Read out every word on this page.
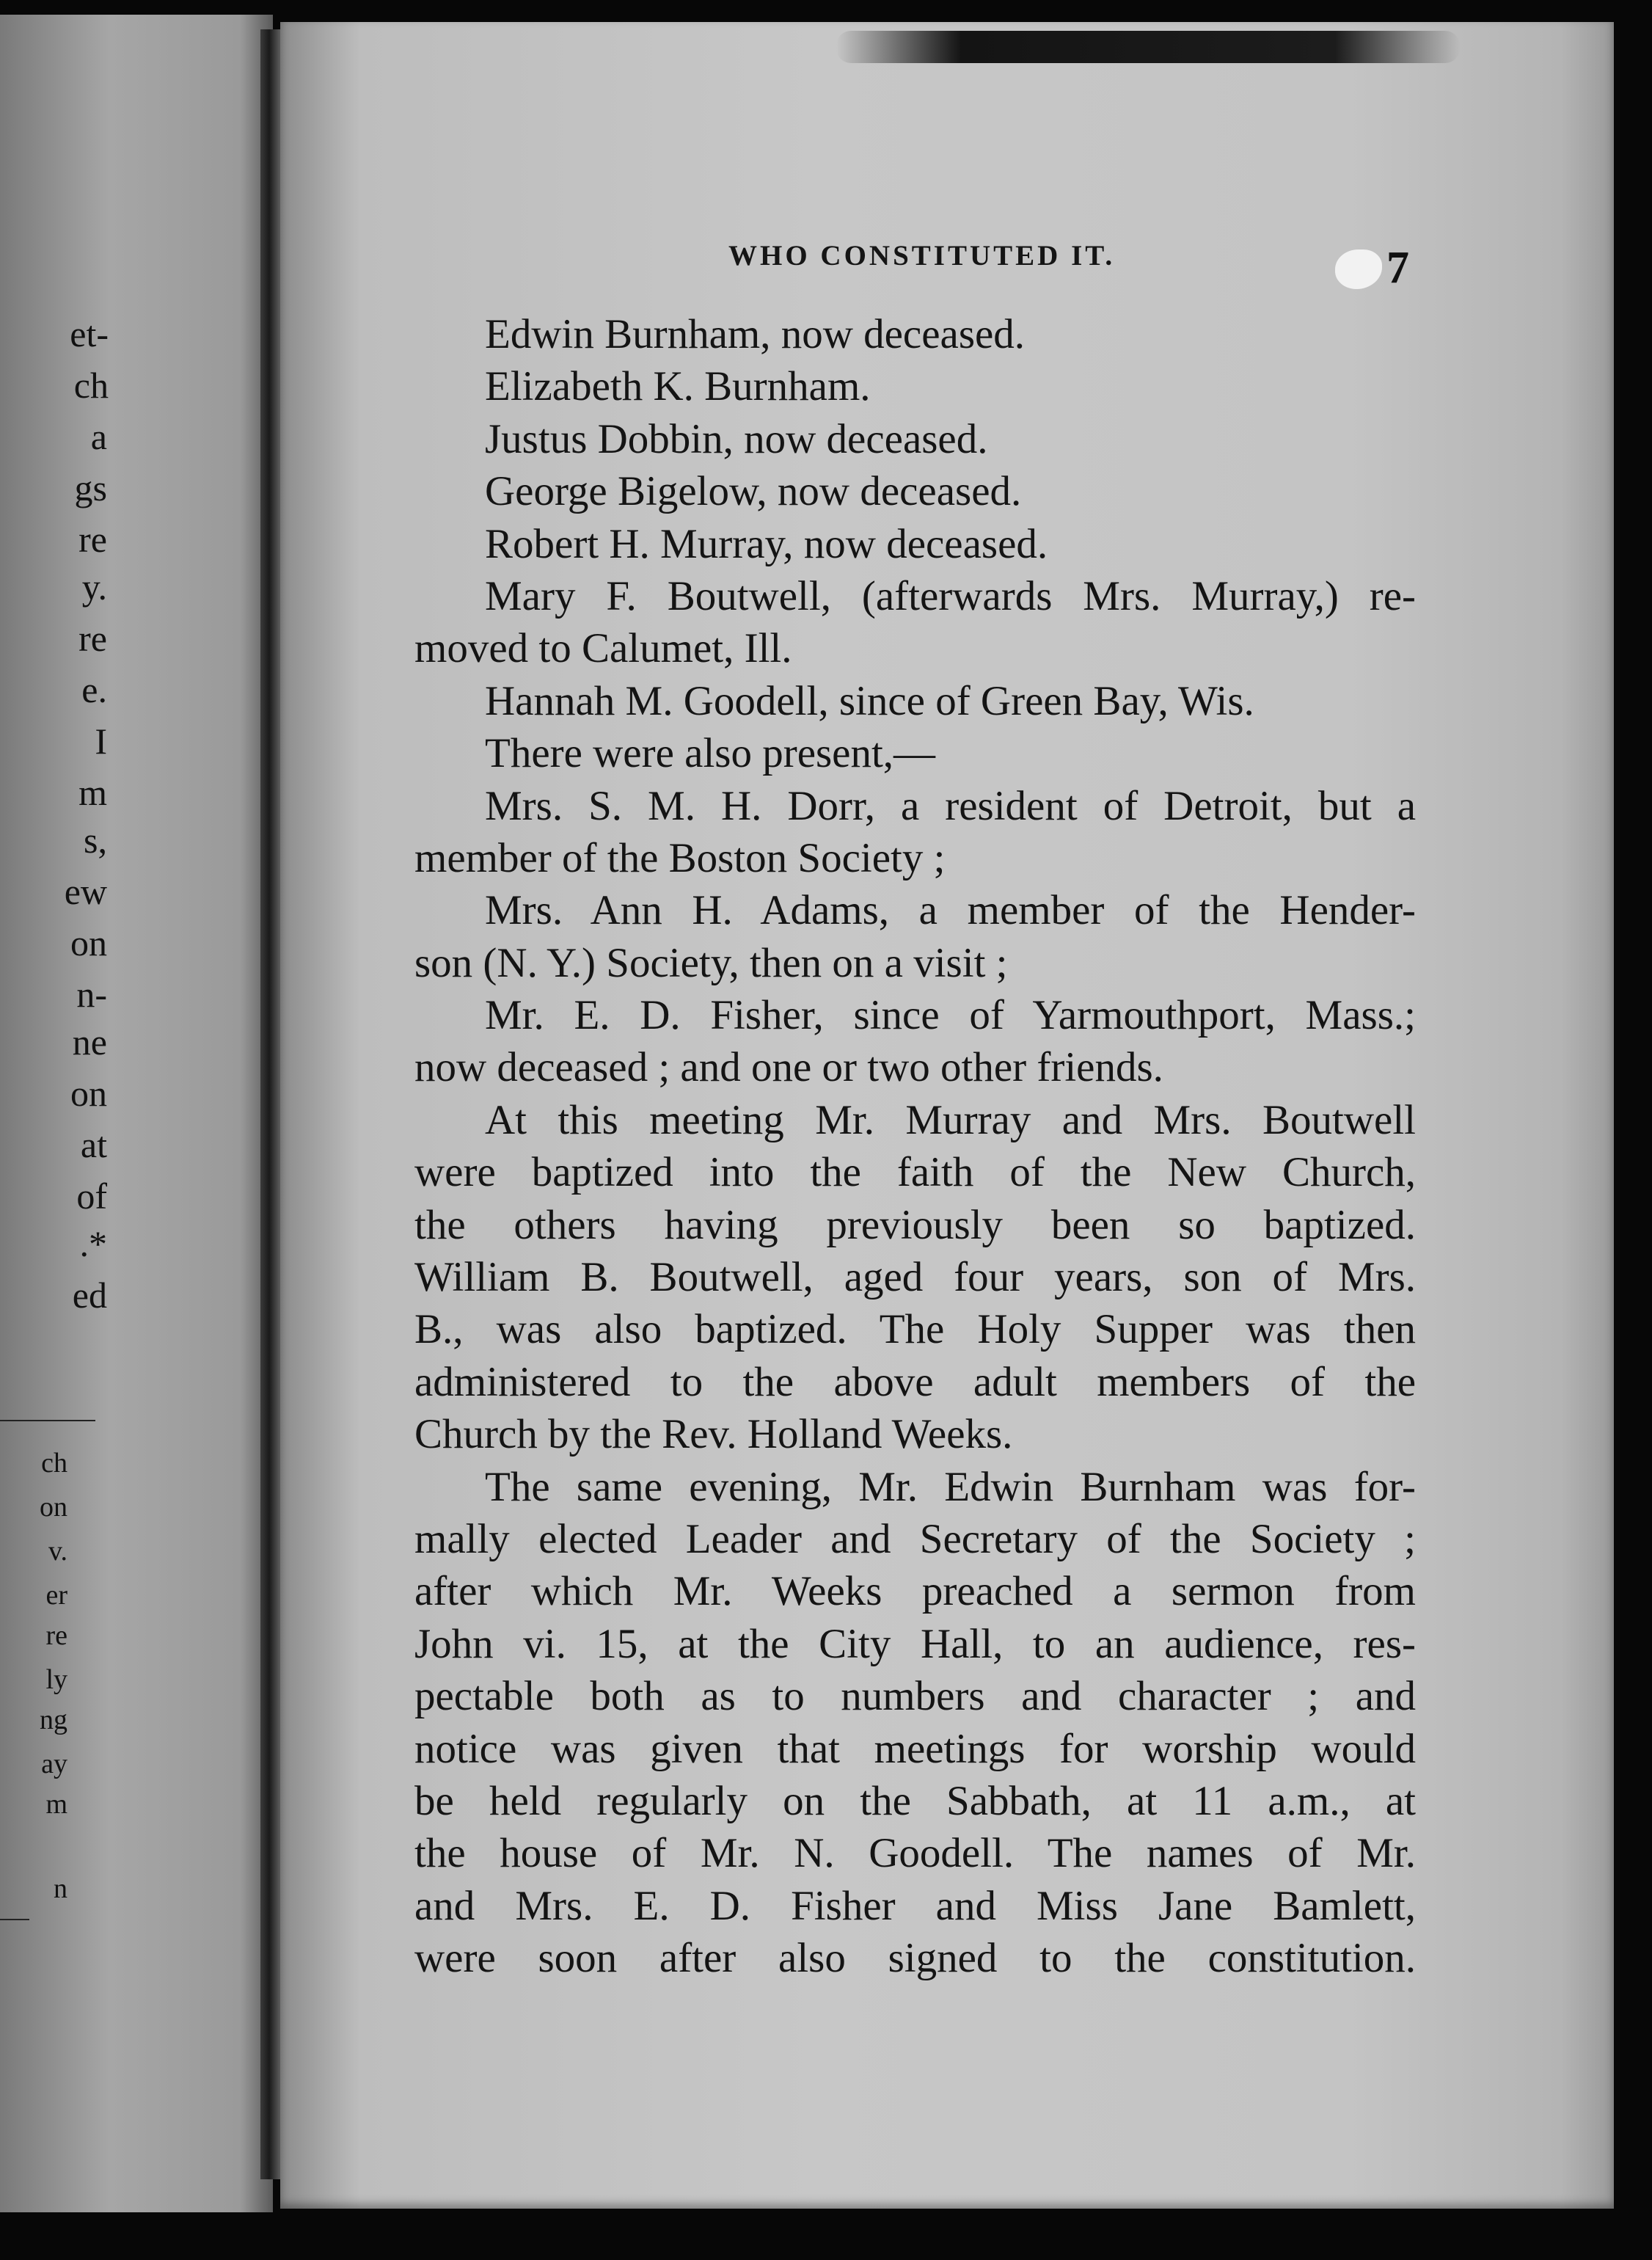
et-
ch
a
gs
re
y.
re
e.
I
m
s,
ew
on
n-
ne
on
at
of
.*
ed
ch
on
v.
er
re
ly
ng
ay
m
n
WHO CONSTITUTED IT.	7
Edwin Burnham, now deceased.
Elizabeth K. Burnham.
Justus Dobbin, now deceased.
George Bigelow, now deceased.
Robert H. Murray, now deceased.
Mary F. Boutwell, (afterwards Mrs. Murray,) re-
moved to Calumet, Ill.
Hannah M. Goodell, since of Green Bay, Wis.
There were also present,—
Mrs. S. M. H. Dorr, a resident of Detroit, but a
member of the Boston Society ;
Mrs. Ann H. Adams, a member of the Hender-
son (N. Y.) Society, then on a visit ;
Mr. E. D. Fisher, since of Yarmouthport, Mass.;
now deceased ; and one or two other friends.
At this meeting Mr. Murray and Mrs. Boutwell
were baptized into the faith of the New Church,
the others having previously been so baptized.
William B. Boutwell, aged four years, son of Mrs.
B., was also baptized. The Holy Supper was then
administered to the above adult members of the
Church by the Rev. Holland Weeks.
The same evening, Mr. Edwin Burnham was for-
mally elected Leader and Secretary of the Society ;
after which Mr. Weeks preached a sermon from
John vi. 15, at the City Hall, to an audience, res-
pectable both as to numbers and character ; and
notice was given that meetings for worship would
be held regularly on the Sabbath, at 11 a.m., at
the house of Mr. N. Goodell. The names of Mr.
and Mrs. E. D. Fisher and Miss Jane Bamlett,
were soon after also signed to the constitution.
